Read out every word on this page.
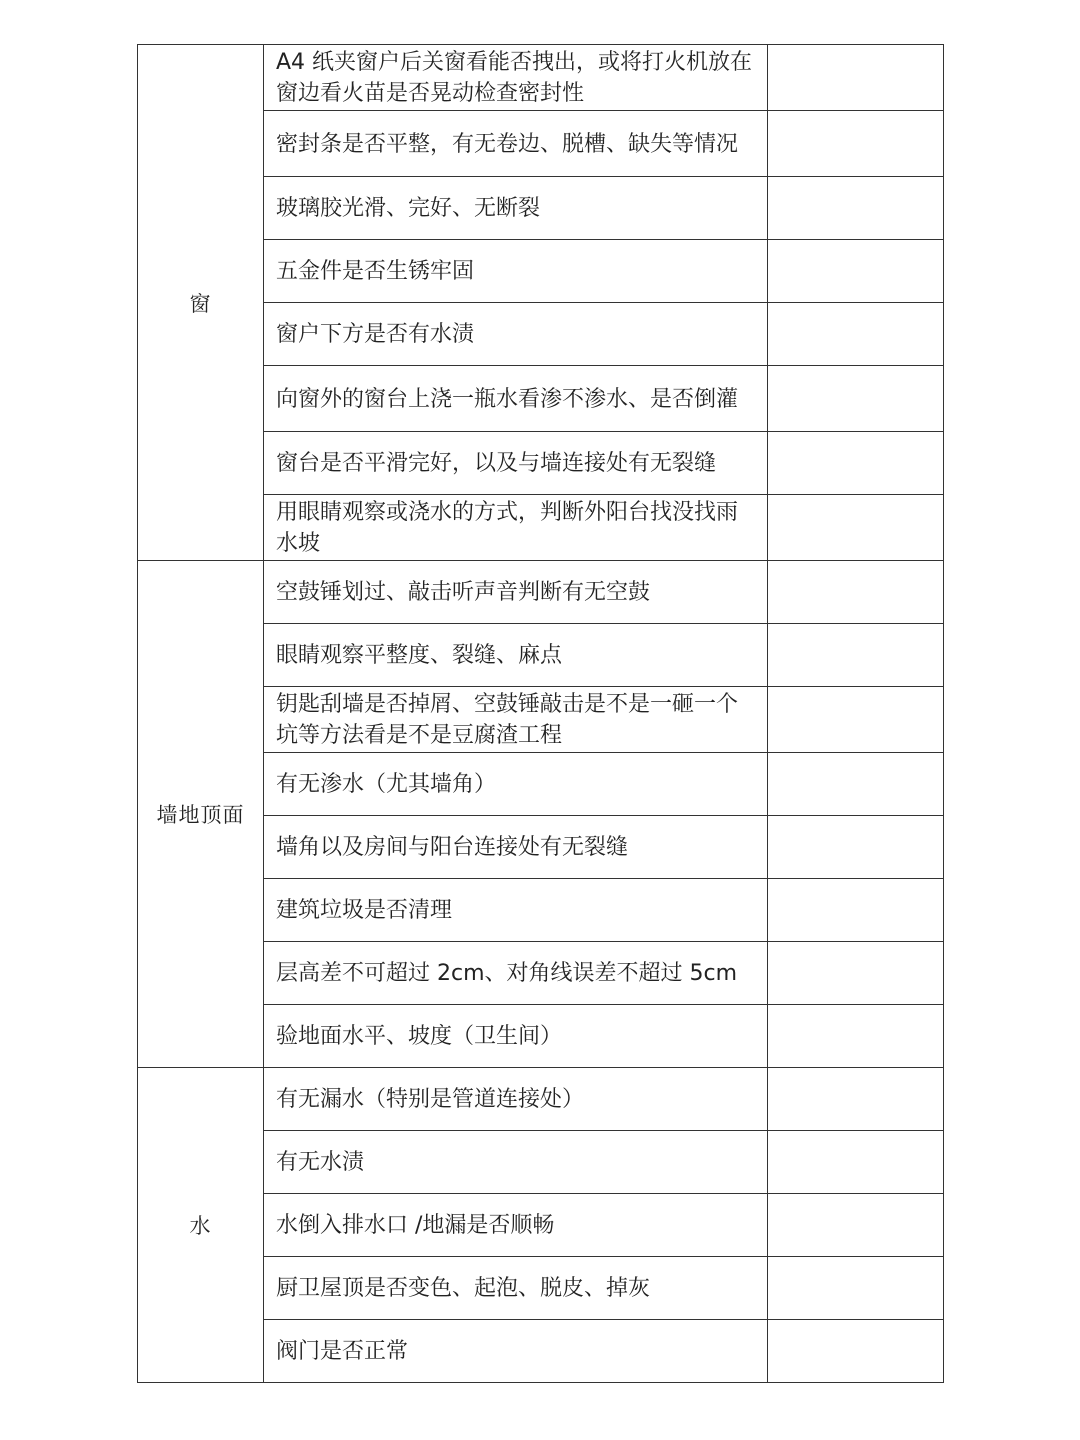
窗	A4 纸夹窗户后关窗看能否拽出，或将打火机放在窗边看火苗是否晃动检查密封性	
	密封条是否平整，有无卷边、脱槽、缺失等情况	
	玻璃胶光滑、完好、无断裂	
	五金件是否生锈牢固	
	窗户下方是否有水渍	
	向窗外的窗台上浇一瓶水看渗不渗水、是否倒灌	
	窗台是否平滑完好，以及与墙连接处有无裂缝	
	用眼睛观察或浇水的方式，判断外阳台找没找雨水坡	
墙地顶面	空鼓锤划过、敲击听声音判断有无空鼓	
	眼睛观察平整度、裂缝、麻点	
	钥匙刮墙是否掉屑、空鼓锤敲击是不是一砸一个坑等方法看是不是豆腐渣工程	
	有无渗水（尤其墙角）	
	墙角以及房间与阳台连接处有无裂缝	
	建筑垃圾是否清理	
	层高差不可超过 2cm、对角线误差不超过 5cm	
	验地面水平、坡度（卫生间）	
水	有无漏水（特别是管道连接处）	
	有无水渍	
	水倒入排水口 /地漏是否顺畅	
	厨卫屋顶是否变色、起泡、脱皮、掉灰	
	阀门是否正常	
